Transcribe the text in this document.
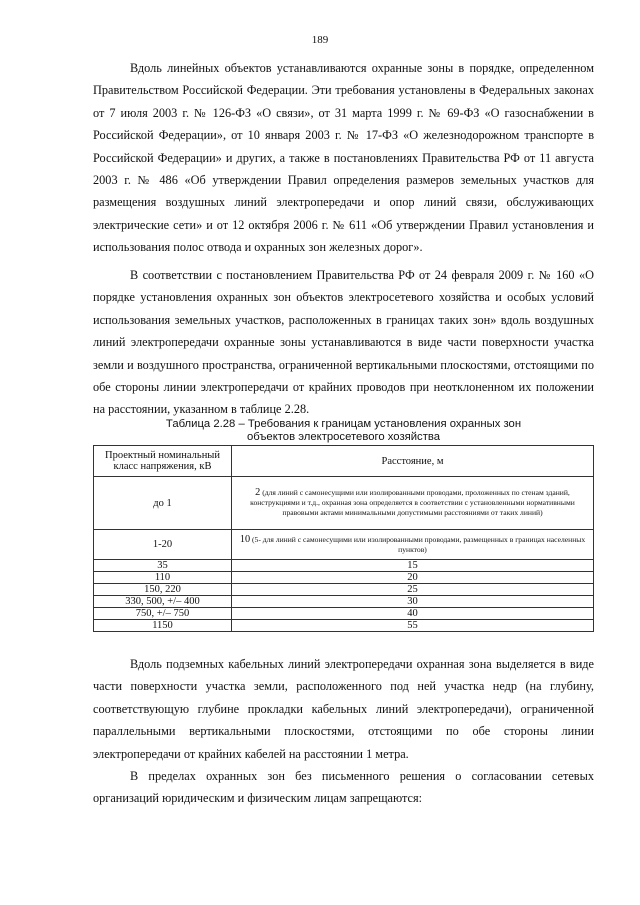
189

Вдоль линейных объектов устанавливаются охранные зоны в порядке, определенном Правительством Российской Федерации. Эти требования установлены в Федеральных законах от 7 июля 2003 г. № 126-ФЗ «О связи», от 31 марта 1999 г. № 69-ФЗ «О газоснабжении в Российской Федерации», от 10 января 2003 г. № 17-ФЗ «О железнодорожном транспорте в Российской Федерации» и других, а также в постановлениях Правительства РФ от 11 августа 2003 г. № 486 «Об утверждении Правил определения размеров земельных участков для размещения воздушных линий электропередачи и опор линий связи, обслуживающих электрические сети» и от 12 октября 2006 г. № 611 «Об утверждении Правил установления и использования полос отвода и охранных зон железных дорог».

В соответствии с постановлением Правительства РФ от 24 февраля 2009 г. № 160 «О порядке установления охранных зон объектов электросетевого хозяйства и особых условий использования земельных участков, расположенных в границах таких зон» вдоль воздушных линий электропередачи охранные зоны устанавливаются в виде части поверхности участка земли и воздушного пространства, ограниченной вертикальными плоскостями, отстоящими по обе стороны линии электропередачи от крайних проводов при неотклоненном их положении на расстоянии, указанном в таблице 2.28.

Таблица 2.28 – Требования к границам установления охранных зон
объектов электросетевого хозяйства
Проектный номинальный класс напряжения, кВ	Расстояние, м
до 1	2 (для линий с самонесущими или изолированными проводами, проложенных по стенам зданий, конструкциями и т.д., охранная зона определяется в соответствии с установленными нормативными правовыми актами минимальными допустимыми расстояниями от таких линий)
1-20	10 (5- для линий с самонесущими или изолированными проводами, размещенных в границах населенных пунктов)
35	15
110	20
150, 220	25
330, 500, +/– 400	30
750, +/– 750	40
1150	55

Вдоль подземных кабельных линий электропередачи охранная зона выделяется в виде части поверхности участка земли, расположенного под ней участка недр (на глубину, соответствующую глубине прокладки кабельных линий электропередачи), ограниченной параллельными вертикальными плоскостями, отстоящими по обе стороны линии электропередачи от крайних кабелей на расстоянии 1 метра.

В пределах охранных зон без письменного решения о согласовании сетевых организаций юридическим и физическим лицам запрещаются:
